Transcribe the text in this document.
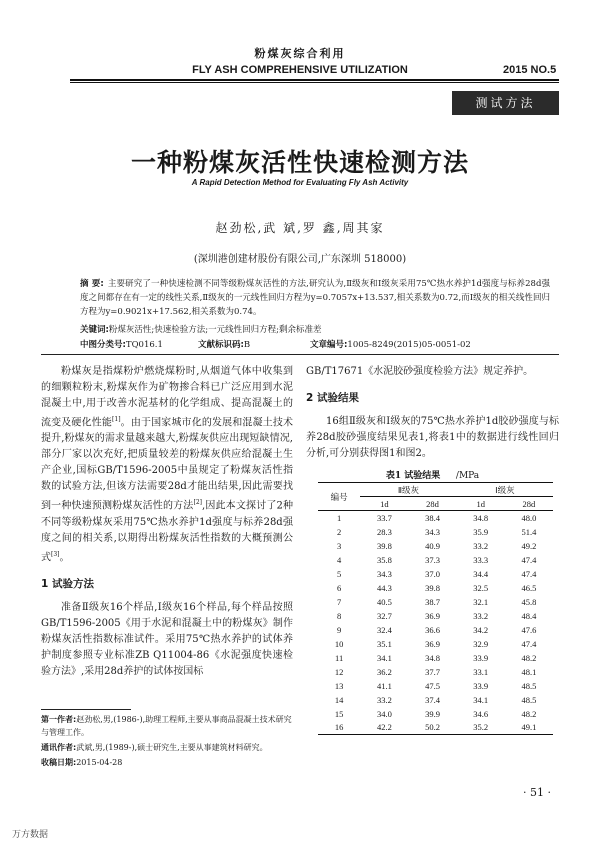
粉煤灰综合利用
FLY ASH COMPREHENSIVE UTILIZATION	2015 NO.5
测试方法
一种粉煤灰活性快速检测方法
A Rapid Detection Method for Evaluating Fly Ash Activity
赵劲松,武 斌,罗 鑫,周其家
(深圳港创建材股份有限公司,广东深圳 518000)
摘 要: 主要研究了一种快速检测不同等级粉煤灰活性的方法,研究认为,Ⅱ级灰和Ⅰ级灰采用75℃热水养护1d强度与标养28d强度之间都存在有一定的线性关系,Ⅱ级灰的一元线性回归方程为y=0.7057x+13.537,相关系数为0.72,而Ⅰ级灰的相关线性回归方程为y=0.9021x+17.562,相关系数为0.74。
关键词:粉煤灰活性;快速检验方法;一元线性回归方程;剩余标准差
中图分类号:TQ016.1	文献标识码:B	文章编号:1005-8249(2015)05-0051-02

粉煤灰是指煤粉炉燃烧煤粉时,从烟道气体中收集到的细颗粒粉末,粉煤灰作为矿物掺合料已广泛应用到水泥混凝土中,用于改善水泥基材的化学组成、提高混凝土的流变及硬化性能[1]。由于国家城市化的发展和混凝土技术提升,粉煤灰的需求量越来越大,粉煤灰供应出现短缺情况,部分厂家以次充好,把质量较差的粉煤灰供应给混凝土生产企业,国标GB/T1596-2005中虽规定了粉煤灰活性指数的试验方法,但该方法需要28d才能出结果,因此需要找到一种快速预测粉煤灰活性的方法[2],因此本文探讨了2种不同等级粉煤灰采用75℃热水养护1d强度与标养28d强度之间的相关系,以期得出粉煤灰活性指数的大概预测公式[3]。

1 试验方法

准备Ⅱ级灰16个样品,Ⅰ级灰16个样品,每个样品按照GB/T1596-2005《用于水泥和混凝土中的粉煤灰》制作粉煤灰活性指数标准试件。采用75℃热水养护的试体养护制度参照专业标准ZB Q11004-86《水泥强度快速检验方法》,采用28d养护的试体按国标

GB/T17671《水泥胶砂强度检验方法》规定养护。

2 试验结果

16组Ⅱ级灰和Ⅰ级灰的75℃热水养护1d胶砂强度与标养28d胶砂强度结果见表1,将表1中的数据进行线性回归分析,可分别获得图1和图2。

表1 试验结果 /MPa
编号	Ⅱ级灰		Ⅰ级灰	
	1d	28d	1d	28d
1	33.7	38.4	34.8	48.0
2	28.3	34.3	35.9	51.4
3	39.8	40.9	33.2	49.2
4	35.8	37.3	33.3	47.4
5	34.3	37.0	34.4	47.4
6	44.3	39.8	32.5	46.5
7	40.5	38.7	32.1	45.8
8	32.7	36.9	33.2	48.4
9	32.4	36.6	34.2	47.6
10	35.1	36.9	32.9	47.4
11	34.1	34.8	33.9	48.2
12	36.2	37.7	33.1	48.1
13	41.1	47.5	33.9	48.5
14	33.2	37.4	34.1	48.5
15	34.0	39.9	34.6	48.2
16	42.2	50.2	35.2	49.1

第一作者:赵劲松,男,(1986-),助理工程师,主要从事商品混凝土技术研究与管理工作。

通讯作者:武斌,男,(1989-),硕士研究生,主要从事建筑材料研究。

收稿日期:2015-04-28

· 51 ·
万方数据
